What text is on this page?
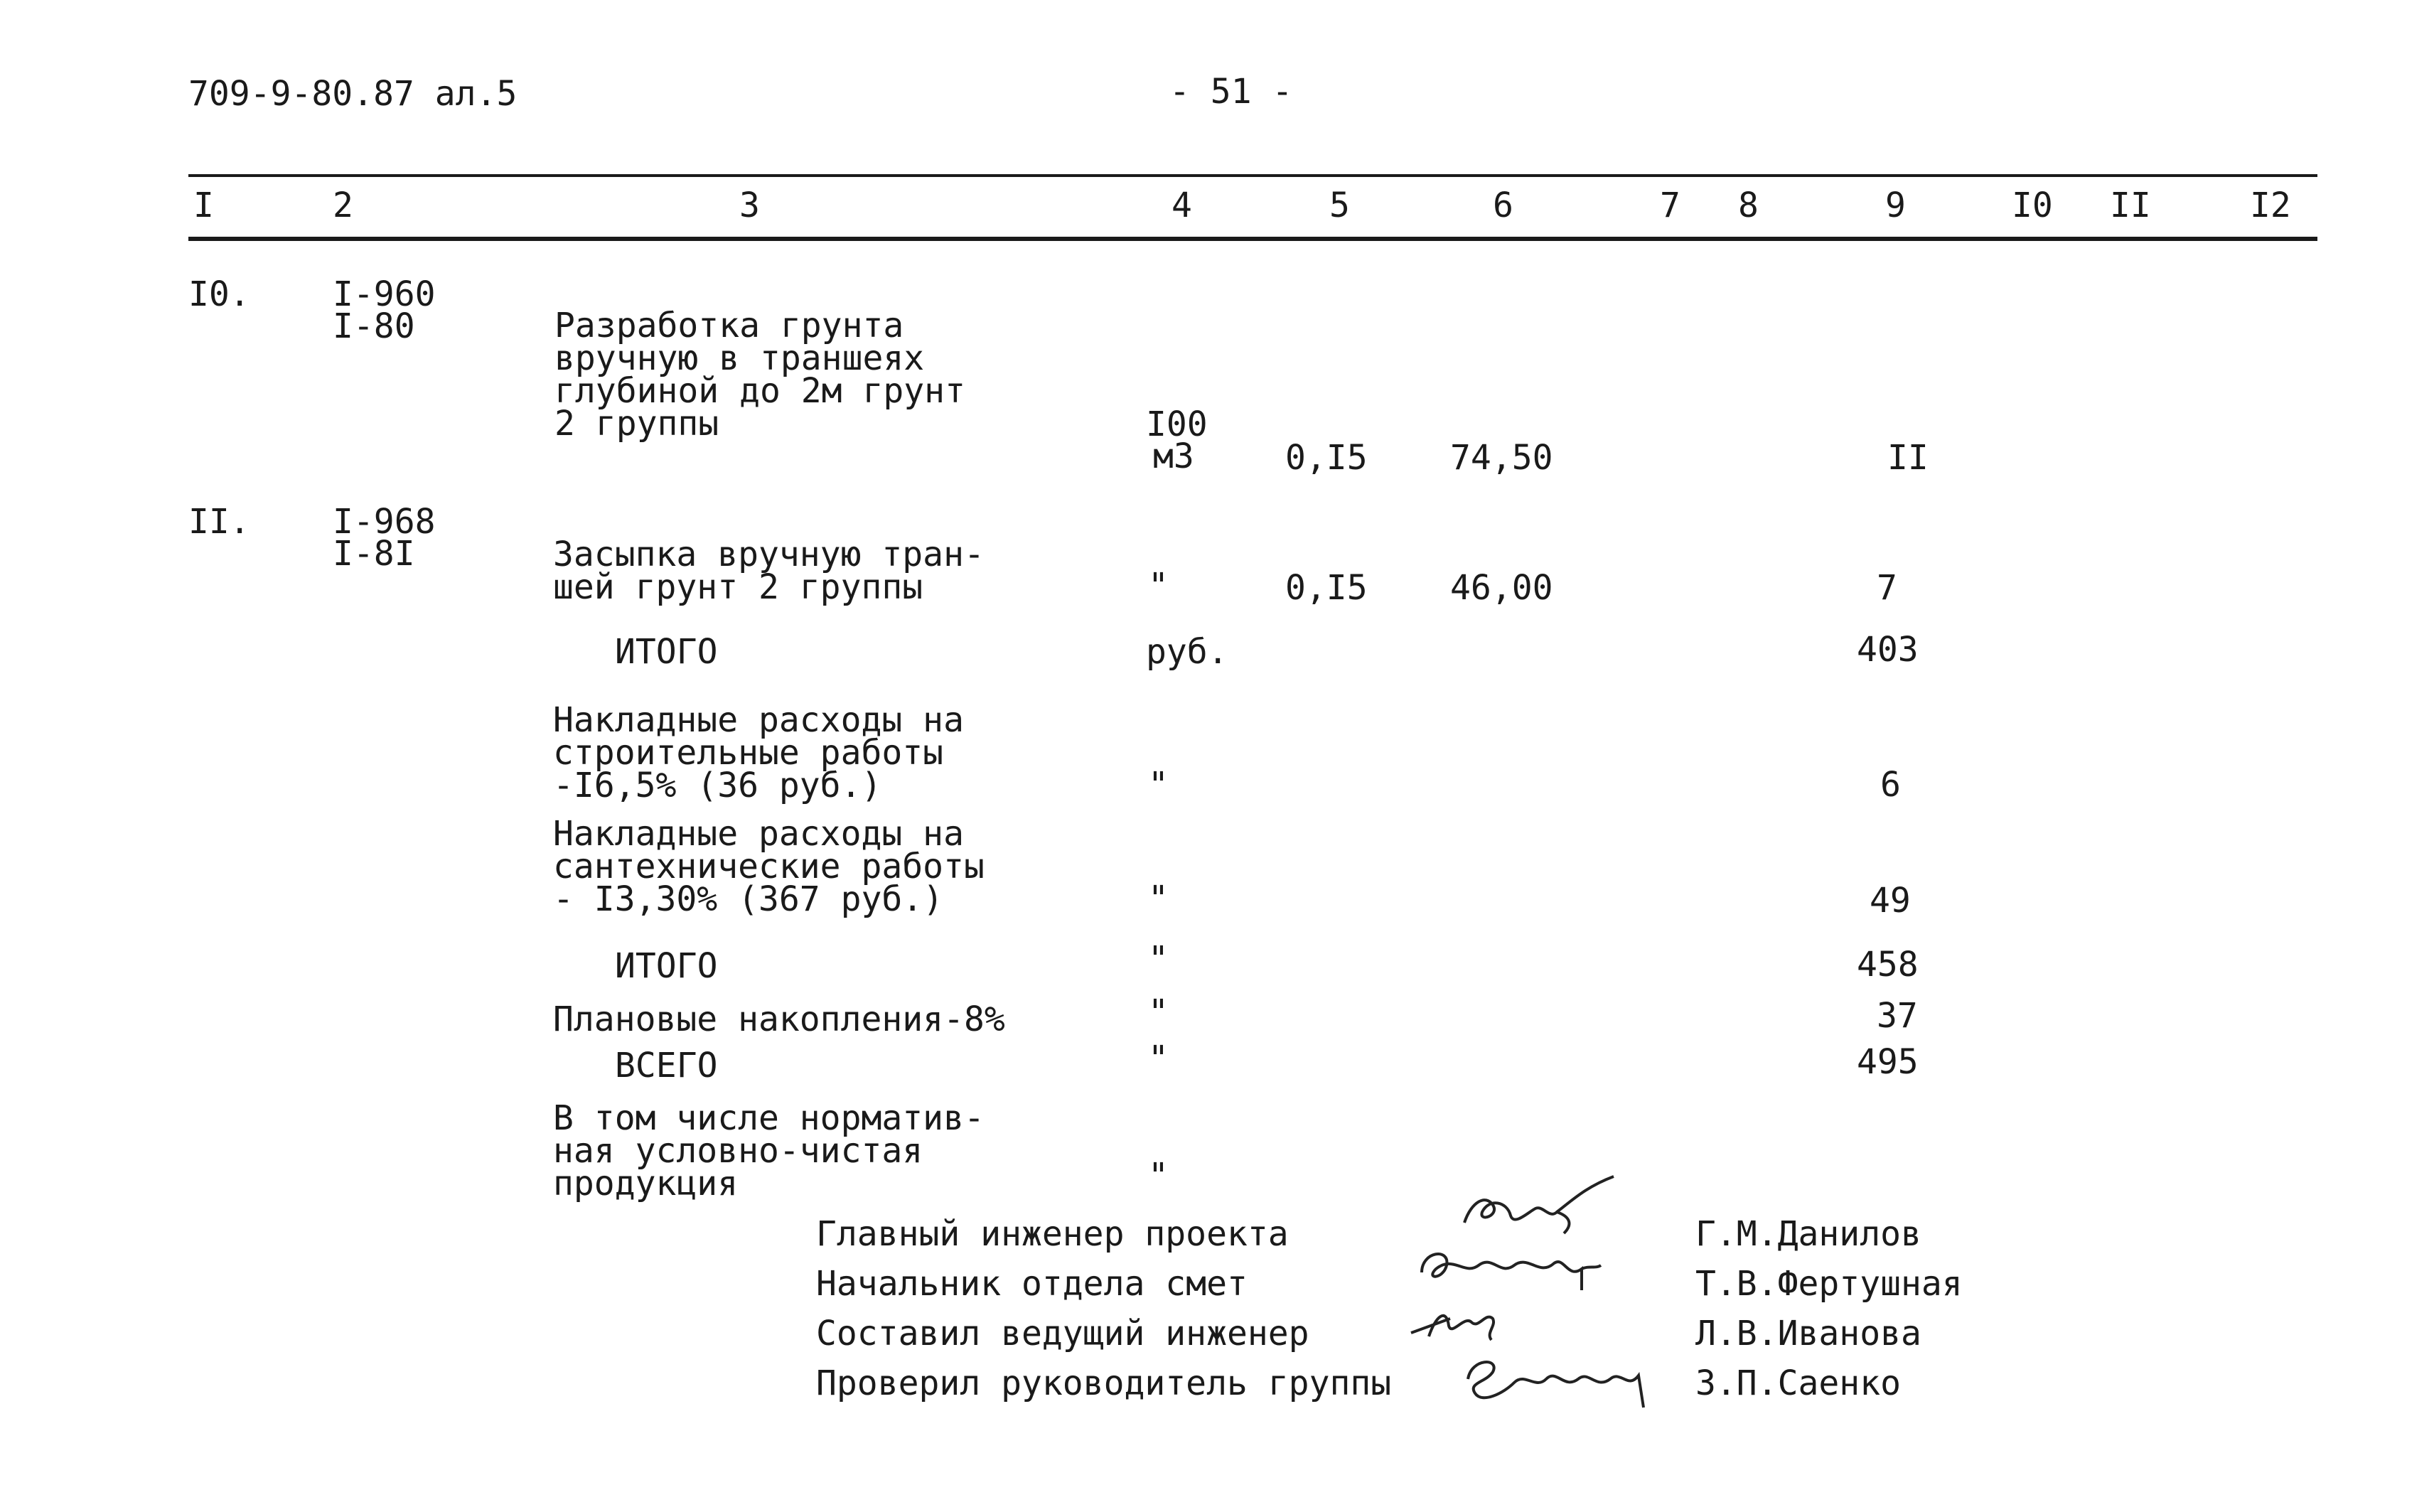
709-9-80.87 ал.5	- 51 -
I	2	3	4	5	6	7 8	9	I0 II	I2
I0. I-960
I-80	Разработка грунта
вручную в траншеях
глубиной до 2м грунт
2 группы	I00
м3	0,I5 74,50	II
II. I-968
I-8I	Засыпка вручную тран-
шей грунт 2 группы	"	0,I5 46,00	7
ИТОГО	руб.	403
Накладные расходы на
строительные работы
-I6,5% (36 руб.)	"	6
Накладные расходы на
сантехнические работы
- I3,30% (367 руб.)	"	49
ИТОГО	"	458
Плановые накопления-8%	"	37
ВСЕГО	"	495
В том числе норматив-
ная условно-чистая
продукция	"
Главный инженер проекта	Г.М.Данилов
Начальник отдела смет	Т.В.Фертушная
Составил ведущий инженер	Л.В.Иванова
Проверил руководитель группы	З.П.Саенко
